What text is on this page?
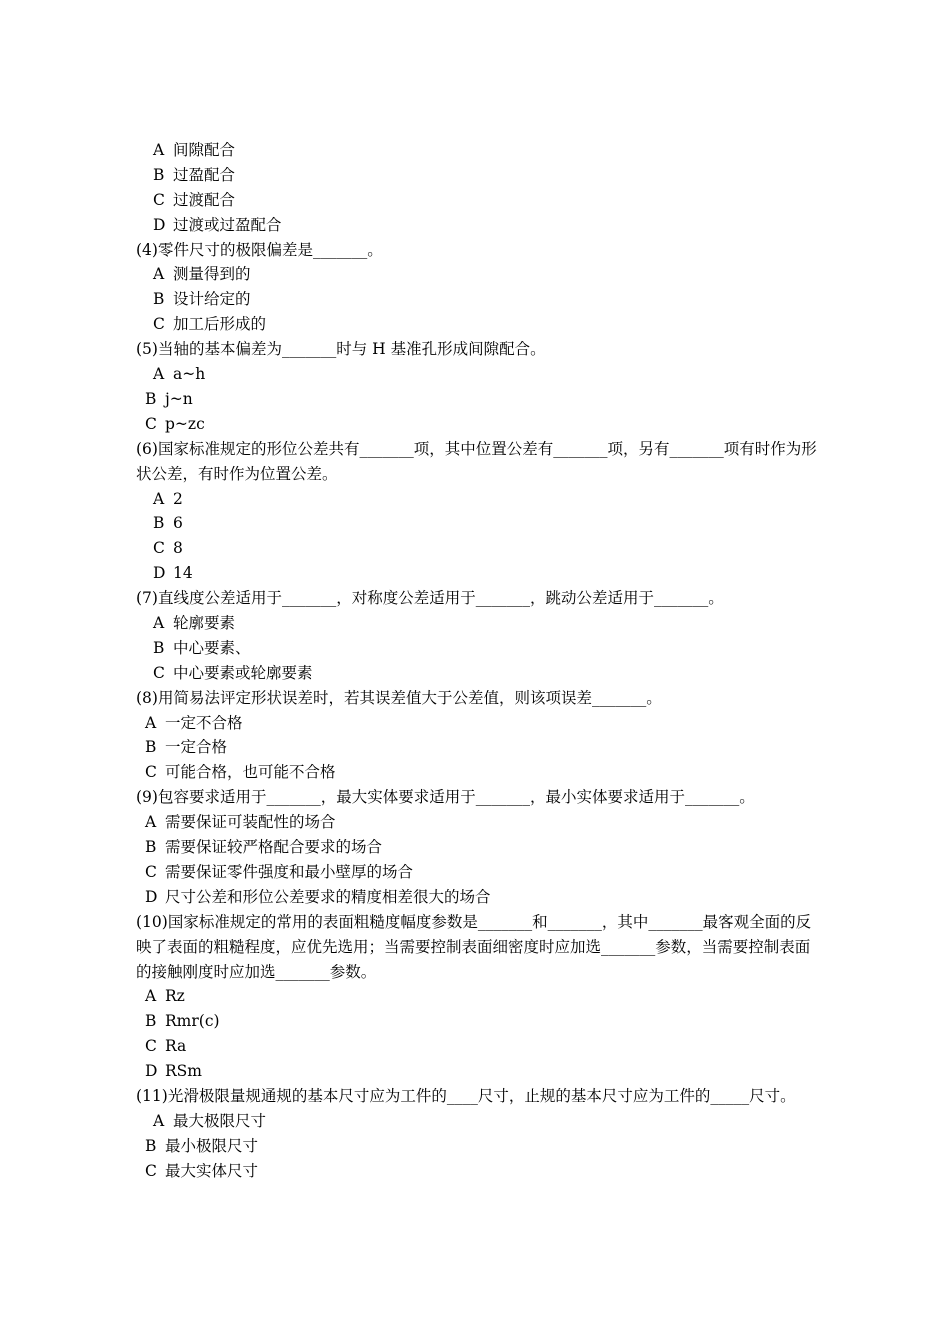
A 间隙配合
B 过盈配合
C 过渡配合
D 过渡或过盈配合
(4)零件尺寸的极限偏差是_______。
A 测量得到的
B 设计给定的
C 加工后形成的
(5)当轴的基本偏差为_______时与 H 基准孔形成间隙配合。
A a~h
B j~n
C p~zc
(6)国家标准规定的形位公差共有_______项，其中位置公差有_______项，另有_______项有时作为形状公差，有时作为位置公差。
A 2
B 6
C 8
D 14
(7)直线度公差适用于_______，对称度公差适用于_______，跳动公差适用于_______。
A 轮廓要素
B 中心要素、
C 中心要素或轮廓要素
(8)用简易法评定形状误差时，若其误差值大于公差值，则该项误差_______。
A 一定不合格
B 一定合格
C 可能合格，也可能不合格
(9)包容要求适用于_______，最大实体要求适用于_______，最小实体要求适用于_______。
A 需要保证可装配性的场合
B 需要保证较严格配合要求的场合
C 需要保证零件强度和最小壁厚的场合
D 尺寸公差和形位公差要求的精度相差很大的场合
(10)国家标准规定的常用的表面粗糙度幅度参数是_______和_______，其中_______最客观全面的反映了表面的粗糙程度，应优先选用；当需要控制表面细密度时应加选_______参数，当需要控制表面的接触刚度时应加选_______参数。
A Rz
B Rmr(c)
C Ra
D RSm
(11)光滑极限量规通规的基本尺寸应为工件的____尺寸，止规的基本尺寸应为工件的_____尺寸。
A 最大极限尺寸
B 最小极限尺寸
C 最大实体尺寸
